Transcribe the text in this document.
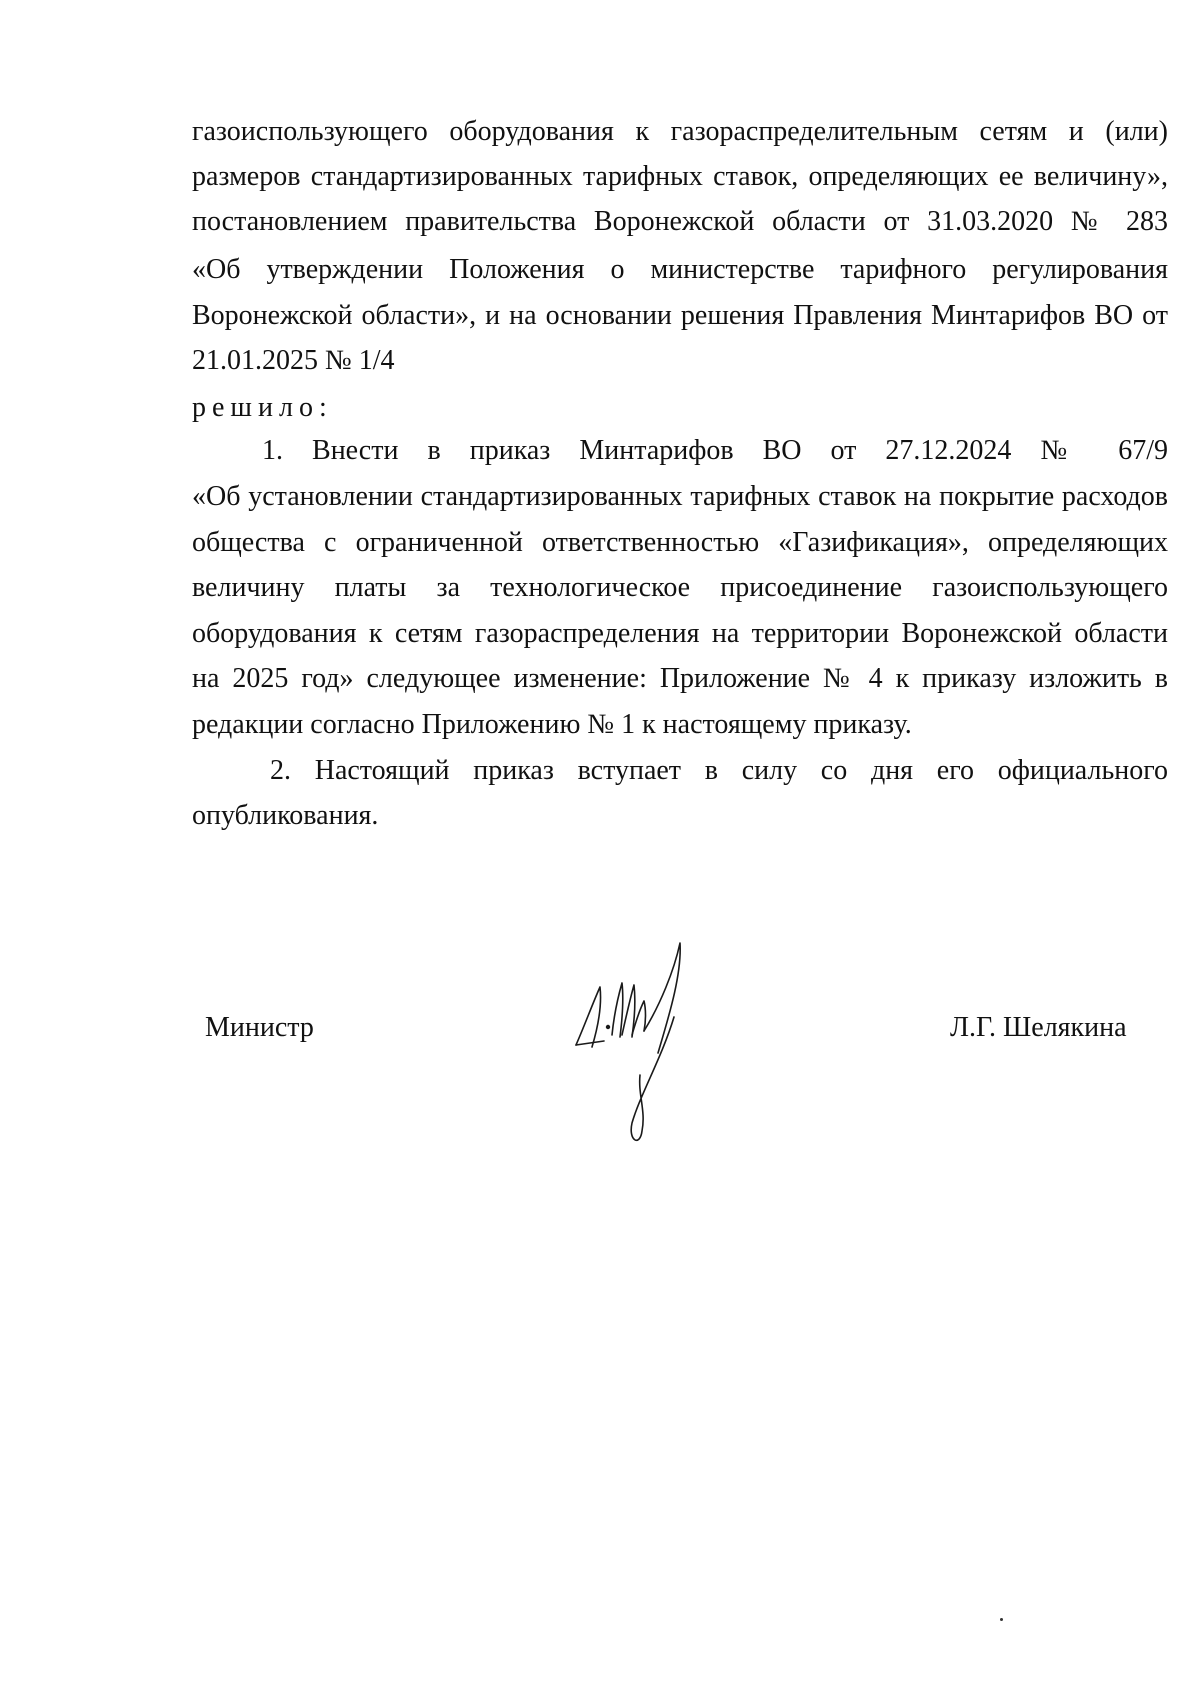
газоиспользующего оборудования к газораспределительным сетям и (или)
размеров стандартизированных тарифных ставок, определяющих ее величину»,
постановлением правительства Воронежской области от 31.03.2020 № 283
«Об утверждении Положения о министерстве тарифного регулирования
Воронежской области», и на основании решения Правления Минтарифов ВО от
21.01.2025 № 1/4
решило:
1. Внести в приказ Минтарифов ВО от 27.12.2024 № 67/9
«Об установлении стандартизированных тарифных ставок на покрытие расходов
общества с ограниченной ответственностью «Газификация», определяющих
величину платы за технологическое присоединение газоиспользующего
оборудования к сетям газораспределения на территории Воронежской области
на 2025 год» следующее изменение: Приложение № 4 к приказу изложить в
редакции согласно Приложению № 1 к настоящему приказу.
2. Настоящий приказ вступает в силу со дня его официального
опубликования.
Министр	Л.Г. Шелякина
